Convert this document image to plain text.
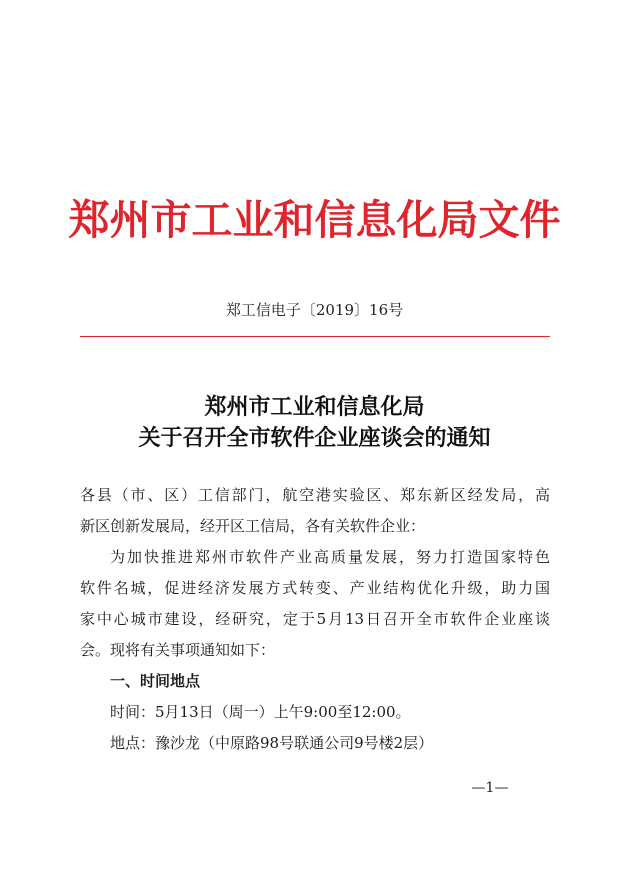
郑州市工业和信息化局文件
郑工信电子〔2019〕16号
郑州市工业和信息化局
关于召开全市软件企业座谈会的通知
各县（市、区）工信部门，航空港实验区、郑东新区经发局，高
新区创新发展局，经开区工信局，各有关软件企业：
为加快推进郑州市软件产业高质量发展，努力打造国家特色
软件名城，促进经济发展方式转变、产业结构优化升级，助力国
家中心城市建设，经研究，定于5月13日召开全市软件企业座谈
会。现将有关事项通知如下：
一、时间地点
时间：5月13日（周一）上午9:00至12:00。
地点：豫沙龙（中原路98号联通公司9号楼2层）
—1—
